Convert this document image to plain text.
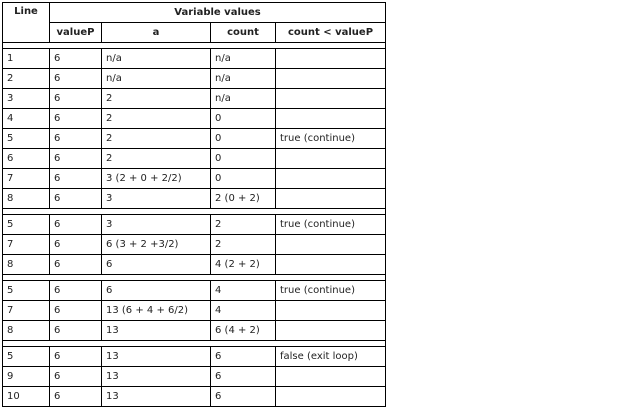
Line	Variable values			
	valueP	a	count	count < valueP

1	6	n/a	n/a	
2	6	n/a	n/a	
3	6	2	n/a	
4	6	2	0	
5	6	2	0	true (continue)
6	6	2	0	
7	6	3 (2 + 0 + 2/2)	0	
8	6	3	2 (0 + 2)	

5	6	3	2	true (continue)
7	6	6 (3 + 2 +3/2)	2	
8	6	6	4 (2 + 2)	

5	6	6	4	true (continue)
7	6	13 (6 + 4 + 6/2)	4	
8	6	13	6 (4 + 2)	

5	6	13	6	false (exit loop)
9	6	13	6	
10	6	13	6	
